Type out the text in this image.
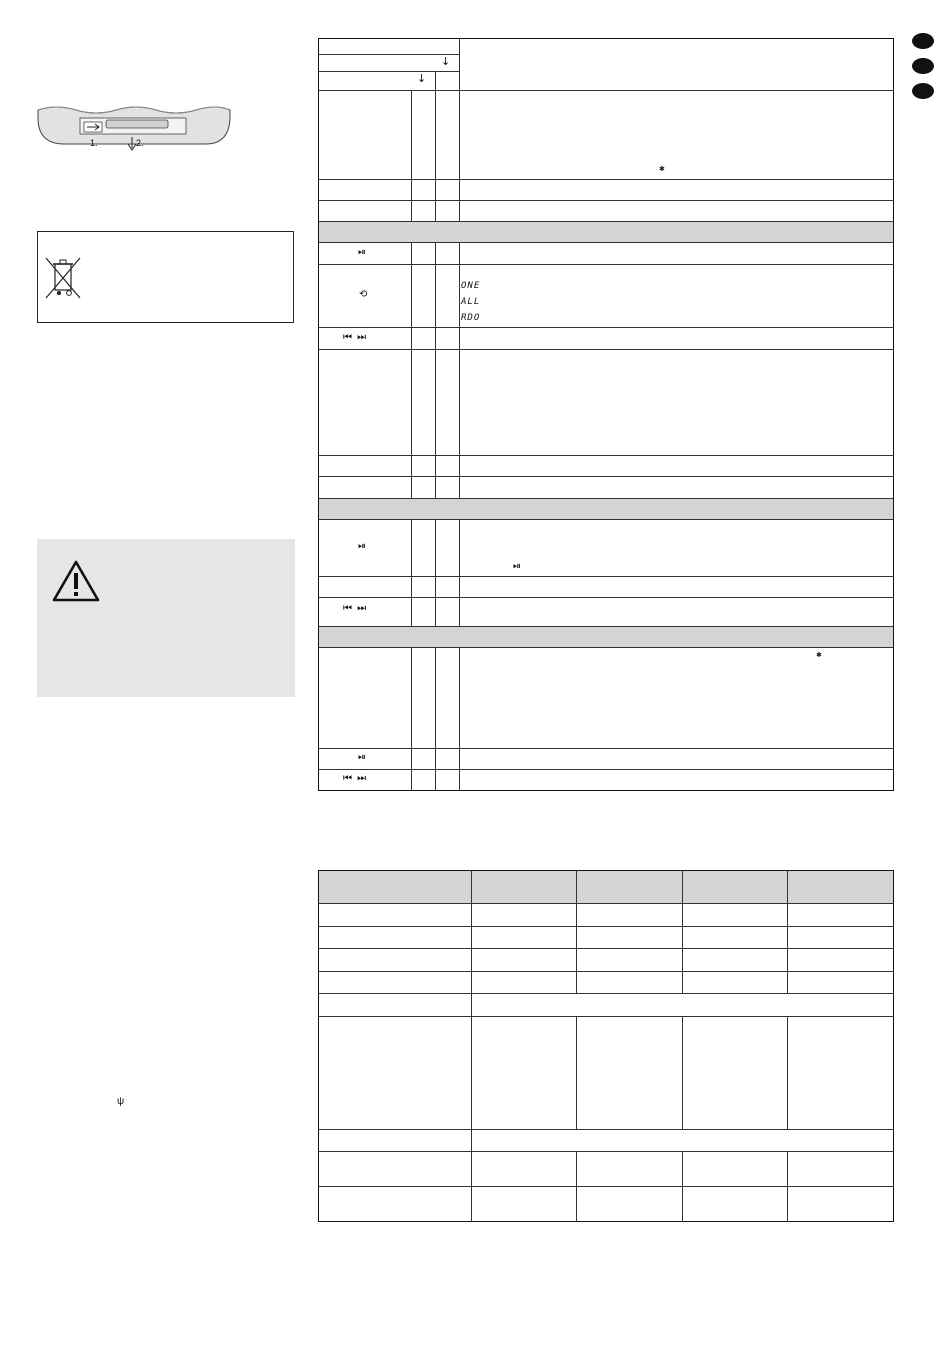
1.	2.
ψ
↓
↓
✱
✱
⏯
⟲
⏮ ⏭
⏯
⏮ ⏭
⏯
⏮ ⏭
⏯
ONE
ALL
RDO
